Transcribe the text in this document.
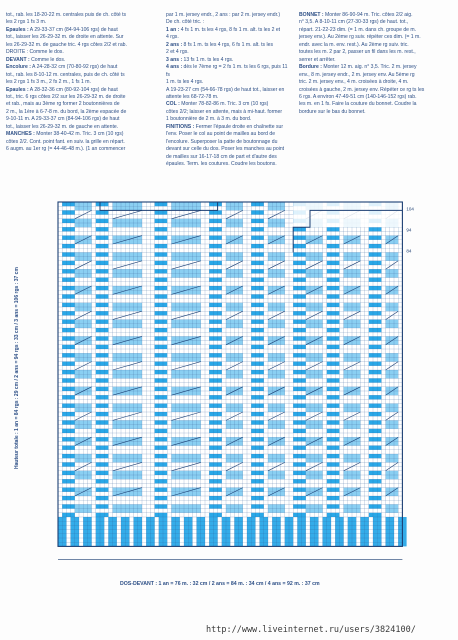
tot., rab. les 18-20-22 m. centrales puis de ch. côté ts
les 2 rgs 1 fs 3 m.
Epaules : A 29-33-37 cm (84-94-106 rgs) de haut
tot., laisser les 26-29-32 m. de droite en attente. Sur
les 26-29-32 m. de gauche tric. 4 rgs côtes 2/2 et rab.
DROITE : Comme le dos.
DEVANT : Comme le dos.
Encolure : A 24-28-32 cm (70-80-92 rgs) de haut
tot., rab. les 8-10-12 m. centrales, puis de ch. côté ts
les 2 rgs 1 fs 3 m., 2 fs 2 m., 1 fs 1 m.
Epaules : A 28-32-36 cm (80-92-104 rgs) de haut
tot., tric. 6 rgs côtes 2/2 sur les 26-29-32 m. de droite
et rab., mais au 3ème rg former 2 boutonnières de
2 m., la 1ère à 6-7-8 m. du bord, la 2ème espacée de
9-10-11 m. A 29-33-37 cm (84-94-106 rgs) de haut
tot., laisser les 26-29-32 m. de gauche en attente.
MANCHES : Monter 38-40-42 m. Tric. 3 cm (10 rgs)
côtes 2/2. Cont. point fant. en suiv. la grille en répart.
6 augm. au 1er rg (= 44-46-48 m.). (1 an commencer
par 1 m. jersey endr., 2 ans : par 2 m. jersey endr.)
De ch. côté tric. :
1 an : 4 fs 1 m. ts les 4 rgs, 8 fs 1 m. alt. ts les 2 et
4 rgs.
2 ans : 8 fs 1 m. ts les 4 rgs, 6 fs 1 m. alt. ts les
2 et 4 rgs.
3 ans : 13 fs 1 m. ts les 4 rgs.
4 ans : dès le 7ème rg = 2 fs 1 m. ts les 6 rgs, puis 11 fs
1 m. ts les 4 rgs.
A 19-23-27 cm (54-66-78 rgs) de haut tot., laisser en
attente les 68-72-78 m.
COL : Monter 78-82-86 m. Tric. 3 cm (10 rgs)
côtes 2/2; laisser en attente, mais à mi-haut. former
1 boutonnière de 2 m. à 3 m. du bord.
FINITIONS : Fermer l'épaule droite en chaînette sur
l'env. Poser le col au point de mailles au bord de
l'encolure. Superposer la patte de boutonnage du
devant sur celle du dos. Poser les manches au point
de mailles sur 16-17-18 cm de part et d'autre des
épaules. Term. les coutures. Coudre les boutons.
BONNET : Monter 86-90-94 m. Tric. côtes 2/2 aig.
n° 3,5. A 8-10-11 cm (27-30-33 rgs) de haut. tot.,
répart. 21-22-23 dim. (= 1 m. dans ch. groupe de m.
jersey env.). Au 2ème rg suiv. répéter ces dim. (= 1 m.
endr. avec la m. env. rest.). Au 2ème rg suiv. tric.
toutes les m. 2 par 2, passer un fil dans les m. rest.,
serrer et arrêter.
Bordure : Monter 12 m. aig. n° 3,5. Tric. 2 m. jersey
env., 8 m. jersey endr., 2 m. jersey env. Au 5ème rg
tric. 2 m. jersey env., 4 m. croisées à droite, 4 m.
croisées à gauche, 2 m. jersey env. Répéter ce rg ts les
6 rgs. A environ 47-49-51 cm (140-146-152 rgs) rab.
les m. en 1 fs. Faire la couture du bonnet. Coudre la
bordure sur le bas du bonnet.
Hauteur totale : 1 an = 84 rgs : 29 cm / 2 ans = 94 rgs : 33 cm / 3 ans = 106 rgs : 37 cm
104
94
84
DOS-DEVANT : 1 an = 76 m. : 32 cm / 2 ans = 84 m. : 34 cm / 4 ans = 92 m. : 37 cm
http://www.liveinternet.ru/users/3824100/
